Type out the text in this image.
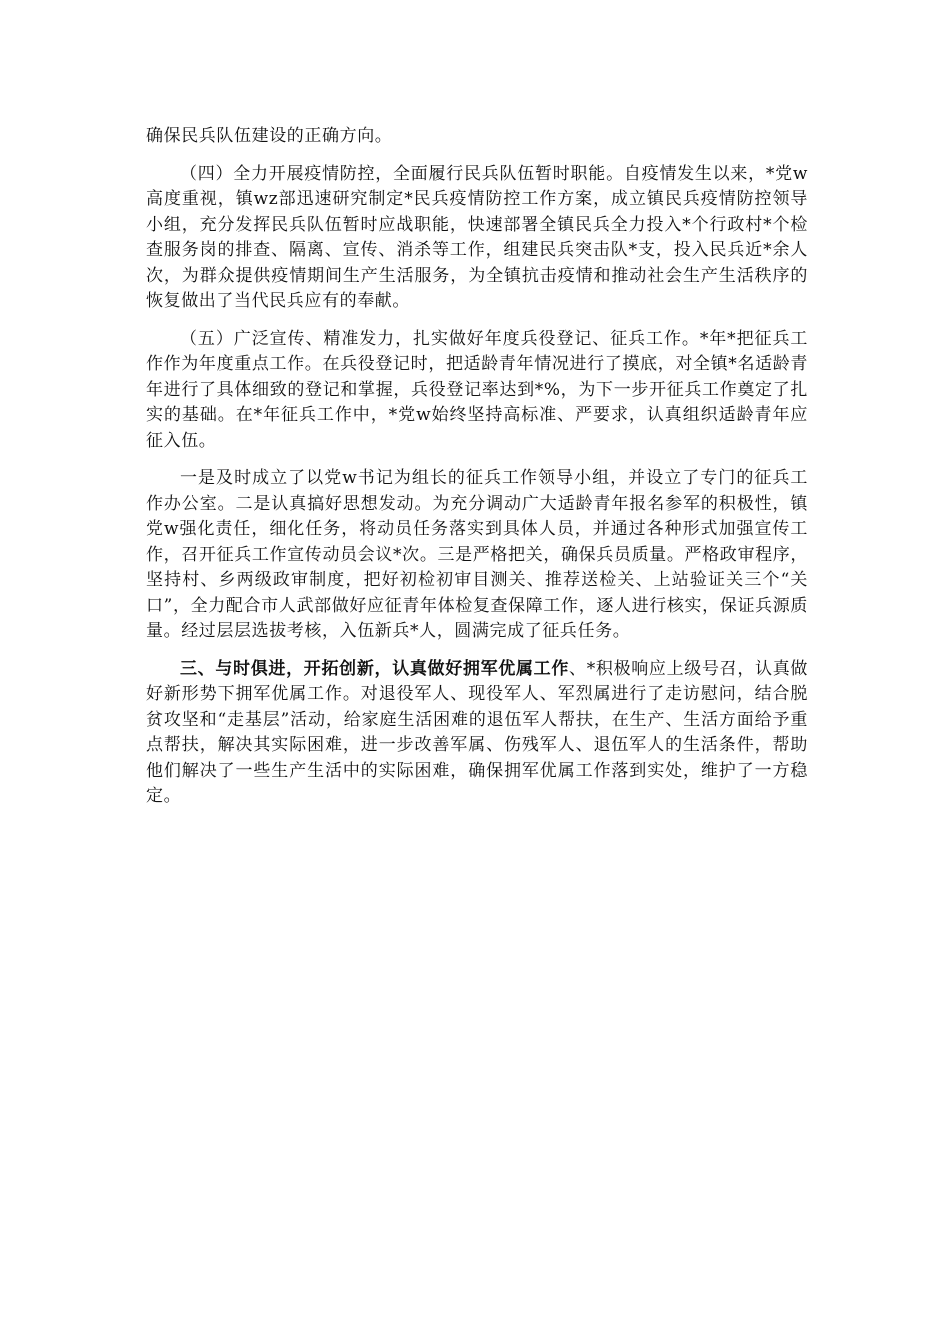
确保民兵队伍建设的正确方向。

（四）全力开展疫情防控，全面履行民兵队伍暂时职能。自疫情发生以来，*党w高度重视，镇wz部迅速研究制定*民兵疫情防控工作方案，成立镇民兵疫情防控领导小组，充分发挥民兵队伍暂时应战职能，快速部署全镇民兵全力投入*个行政村*个检查服务岗的排查、隔离、宣传、消杀等工作，组建民兵突击队*支，投入民兵近*余人次，为群众提供疫情期间生产生活服务，为全镇抗击疫情和推动社会生产生活秩序的恢复做出了当代民兵应有的奉献。

（五）广泛宣传、精准发力，扎实做好年度兵役登记、征兵工作。*年*把征兵工作作为年度重点工作。在兵役登记时，把适龄青年情况进行了摸底，对全镇*名适龄青年进行了具体细致的登记和掌握，兵役登记率达到*%，为下一步开征兵工作奠定了扎实的基础。在*年征兵工作中，*党w始终坚持高标准、严要求，认真组织适龄青年应征入伍。

一是及时成立了以党w书记为组长的征兵工作领导小组，并设立了专门的征兵工作办公室。二是认真搞好思想发动。为充分调动广大适龄青年报名参军的积极性，镇党w强化责任，细化任务，将动员任务落实到具体人员，并通过各种形式加强宣传工作，召开征兵工作宣传动员会议*次。三是严格把关，确保兵员质量。严格政审程序，坚持村、乡两级政审制度，把好初检初审目测关、推荐送检关、上站验证关三个“关口”，全力配合市人武部做好应征青年体检复查保障工作，逐人进行核实，保证兵源质量。经过层层选拔考核，入伍新兵*人，圆满完成了征兵任务。

三、与时俱进，开拓创新，认真做好拥军优属工作、*积极响应上级号召，认真做好新形势下拥军优属工作。对退役军人、现役军人、军烈属进行了走访慰问，结合脱贫攻坚和“走基层”活动，给家庭生活困难的退伍军人帮扶，在生产、生活方面给予重点帮扶，解决其实际困难，进一步改善军属、伤残军人、退伍军人的生活条件，帮助他们解决了一些生产生活中的实际困难，确保拥军优属工作落到实处，维护了一方稳定。
